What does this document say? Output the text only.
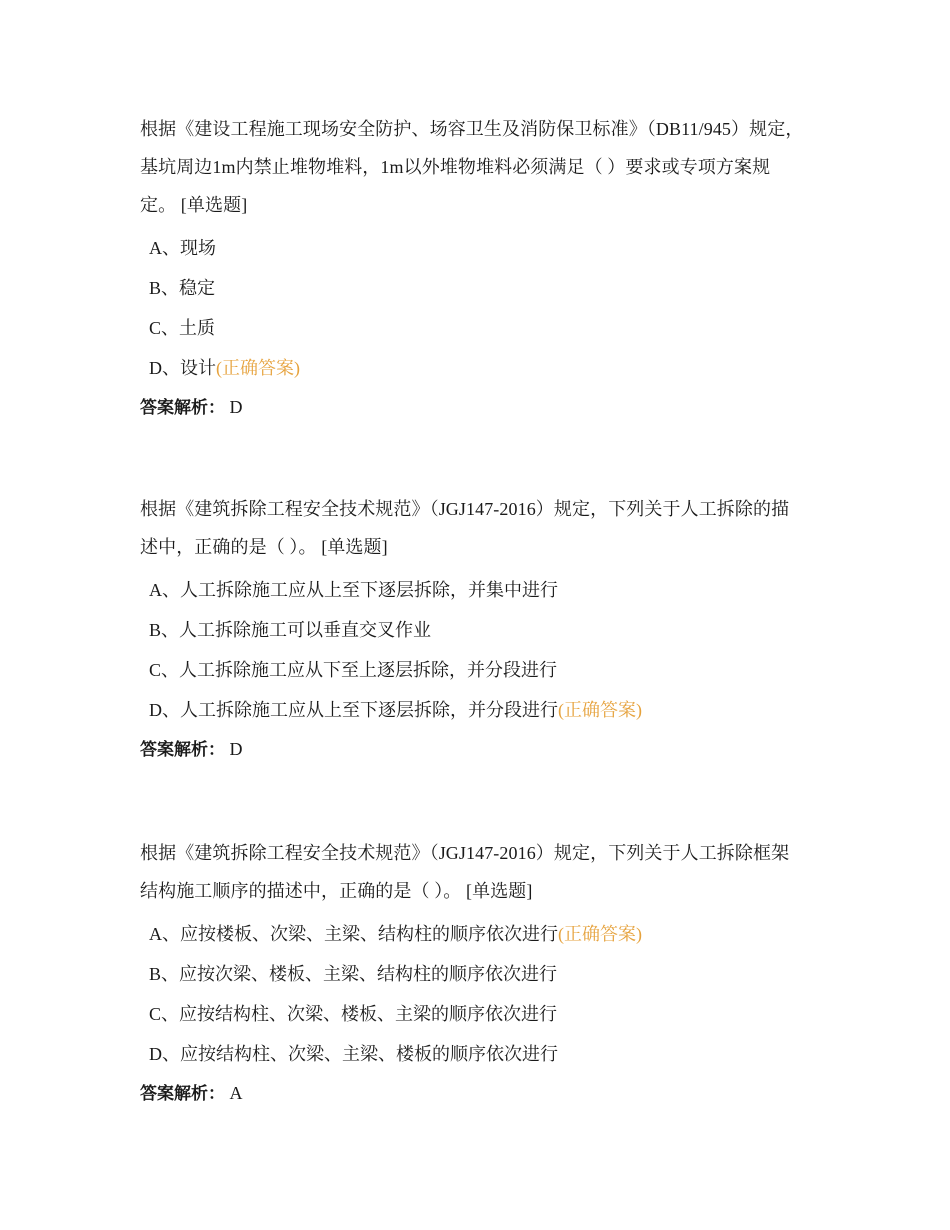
根据《建设工程施工现场安全防护、场容卫生及消防保卫标准》（DB11/945）规定，基坑周边1m内禁止堆物堆料，1m以外堆物堆料必须满足（ ）要求或专项方案规定。 [单选题]

A、现场
B、稳定
C、土质
D、设计(正确答案)
答案解析： D

根据《建筑拆除工程安全技术规范》（JGJ147-2016）规定，下列关于人工拆除的描述中，正确的是（ ）。 [单选题]

A、人工拆除施工应从上至下逐层拆除，并集中进行
B、人工拆除施工可以垂直交叉作业
C、人工拆除施工应从下至上逐层拆除，并分段进行
D、人工拆除施工应从上至下逐层拆除，并分段进行(正确答案)
答案解析： D

根据《建筑拆除工程安全技术规范》（JGJ147-2016）规定，下列关于人工拆除框架结构施工顺序的描述中，正确的是（ ）。 [单选题]

A、应按楼板、次梁、主梁、结构柱的顺序依次进行(正确答案)
B、应按次梁、楼板、主梁、结构柱的顺序依次进行
C、应按结构柱、次梁、楼板、主梁的顺序依次进行
D、应按结构柱、次梁、主梁、楼板的顺序依次进行
答案解析： A
